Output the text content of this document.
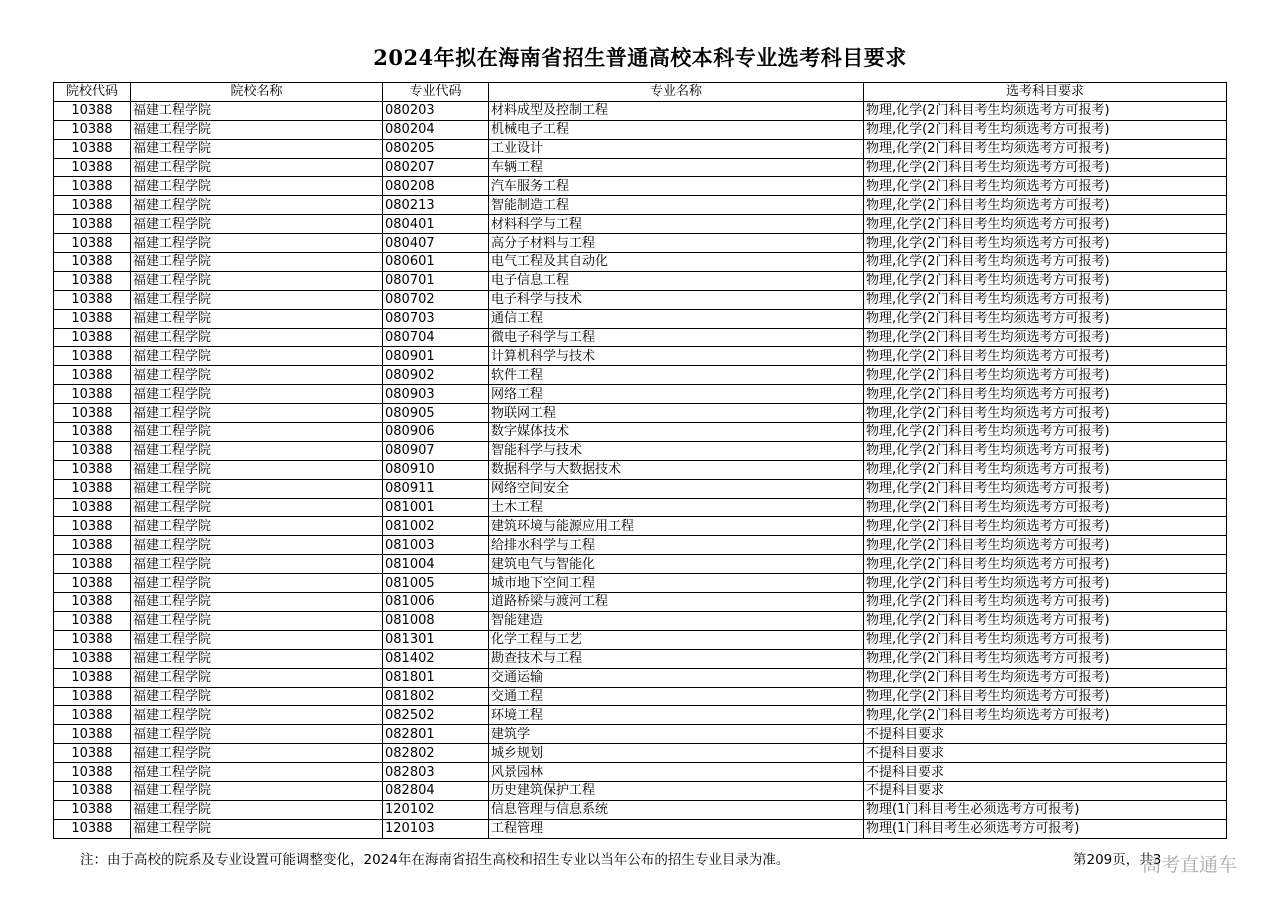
2024年拟在海南省招生普通高校本科专业选考科目要求
院校代码	院校名称	专业代码	专业名称	选考科目要求
10388	福建工程学院	080203	材料成型及控制工程	物理,化学(2门科目考生均须选考方可报考)
10388	福建工程学院	080204	机械电子工程	物理,化学(2门科目考生均须选考方可报考)
10388	福建工程学院	080205	工业设计	物理,化学(2门科目考生均须选考方可报考)
10388	福建工程学院	080207	车辆工程	物理,化学(2门科目考生均须选考方可报考)
10388	福建工程学院	080208	汽车服务工程	物理,化学(2门科目考生均须选考方可报考)
10388	福建工程学院	080213	智能制造工程	物理,化学(2门科目考生均须选考方可报考)
10388	福建工程学院	080401	材料科学与工程	物理,化学(2门科目考生均须选考方可报考)
10388	福建工程学院	080407	高分子材料与工程	物理,化学(2门科目考生均须选考方可报考)
10388	福建工程学院	080601	电气工程及其自动化	物理,化学(2门科目考生均须选考方可报考)
10388	福建工程学院	080701	电子信息工程	物理,化学(2门科目考生均须选考方可报考)
10388	福建工程学院	080702	电子科学与技术	物理,化学(2门科目考生均须选考方可报考)
10388	福建工程学院	080703	通信工程	物理,化学(2门科目考生均须选考方可报考)
10388	福建工程学院	080704	微电子科学与工程	物理,化学(2门科目考生均须选考方可报考)
10388	福建工程学院	080901	计算机科学与技术	物理,化学(2门科目考生均须选考方可报考)
10388	福建工程学院	080902	软件工程	物理,化学(2门科目考生均须选考方可报考)
10388	福建工程学院	080903	网络工程	物理,化学(2门科目考生均须选考方可报考)
10388	福建工程学院	080905	物联网工程	物理,化学(2门科目考生均须选考方可报考)
10388	福建工程学院	080906	数字媒体技术	物理,化学(2门科目考生均须选考方可报考)
10388	福建工程学院	080907	智能科学与技术	物理,化学(2门科目考生均须选考方可报考)
10388	福建工程学院	080910	数据科学与大数据技术	物理,化学(2门科目考生均须选考方可报考)
10388	福建工程学院	080911	网络空间安全	物理,化学(2门科目考生均须选考方可报考)
10388	福建工程学院	081001	土木工程	物理,化学(2门科目考生均须选考方可报考)
10388	福建工程学院	081002	建筑环境与能源应用工程	物理,化学(2门科目考生均须选考方可报考)
10388	福建工程学院	081003	给排水科学与工程	物理,化学(2门科目考生均须选考方可报考)
10388	福建工程学院	081004	建筑电气与智能化	物理,化学(2门科目考生均须选考方可报考)
10388	福建工程学院	081005	城市地下空间工程	物理,化学(2门科目考生均须选考方可报考)
10388	福建工程学院	081006	道路桥梁与渡河工程	物理,化学(2门科目考生均须选考方可报考)
10388	福建工程学院	081008	智能建造	物理,化学(2门科目考生均须选考方可报考)
10388	福建工程学院	081301	化学工程与工艺	物理,化学(2门科目考生均须选考方可报考)
10388	福建工程学院	081402	勘查技术与工程	物理,化学(2门科目考生均须选考方可报考)
10388	福建工程学院	081801	交通运输	物理,化学(2门科目考生均须选考方可报考)
10388	福建工程学院	081802	交通工程	物理,化学(2门科目考生均须选考方可报考)
10388	福建工程学院	082502	环境工程	物理,化学(2门科目考生均须选考方可报考)
10388	福建工程学院	082801	建筑学	不提科目要求
10388	福建工程学院	082802	城乡规划	不提科目要求
10388	福建工程学院	082803	风景园林	不提科目要求
10388	福建工程学院	082804	历史建筑保护工程	不提科目要求
10388	福建工程学院	120102	信息管理与信息系统	物理(1门科目考生必须选考方可报考)
10388	福建工程学院	120103	工程管理	物理(1门科目考生必须选考方可报考)
注：由于高校的院系及专业设置可能调整变化，2024年在海南省招生高校和招生专业以当年公布的招生专业目录为准。	第209页，共3
高考直通车
